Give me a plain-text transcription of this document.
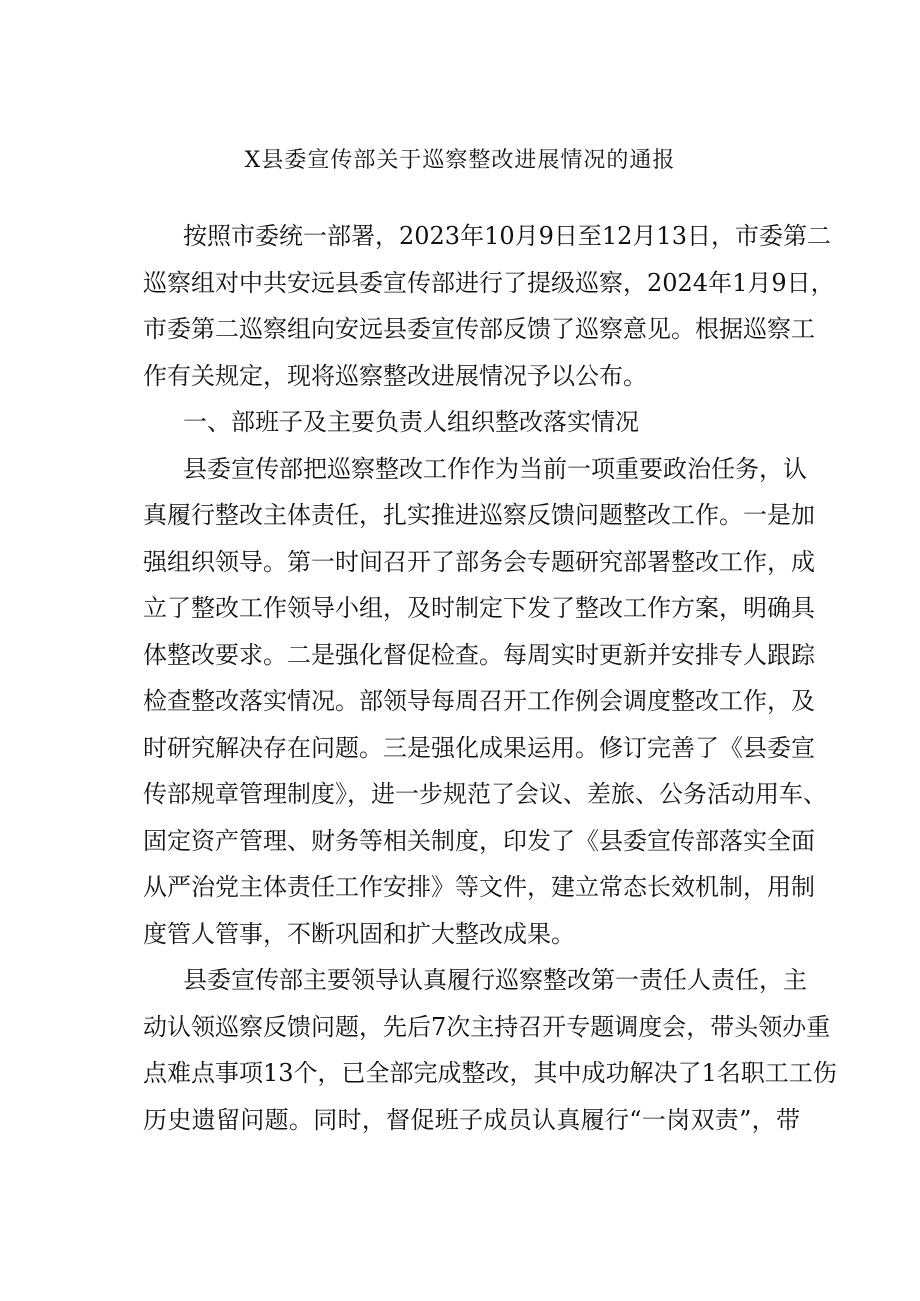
X县委宣传部关于巡察整改进展情况的通报
按照市委统一部署，2023年10月9日至12月13日，市委第二
巡察组对中共安远县委宣传部进行了提级巡察，2024年1月9日，
市委第二巡察组向安远县委宣传部反馈了巡察意见。根据巡察工
作有关规定，现将巡察整改进展情况予以公布。
一、部班子及主要负责人组织整改落实情况
县委宣传部把巡察整改工作作为当前一项重要政治任务，认
真履行整改主体责任，扎实推进巡察反馈问题整改工作。一是加
强组织领导。第一时间召开了部务会专题研究部署整改工作，成
立了整改工作领导小组，及时制定下发了整改工作方案，明确具
体整改要求。二是强化督促检查。每周实时更新并安排专人跟踪
检查整改落实情况。部领导每周召开工作例会调度整改工作，及
时研究解决存在问题。三是强化成果运用。修订完善了《县委宣
传部规章管理制度》，进一步规范了会议、差旅、公务活动用车、
固定资产管理、财务等相关制度，印发了《县委宣传部落实全面
从严治党主体责任工作安排》等文件，建立常态长效机制，用制
度管人管事，不断巩固和扩大整改成果。
县委宣传部主要领导认真履行巡察整改第一责任人责任，主
动认领巡察反馈问题，先后7次主持召开专题调度会，带头领办重
点难点事项13个，已全部完成整改，其中成功解决了1名职工工伤
历史遗留问题。同时，督促班子成员认真履行“一岗双责”，带
